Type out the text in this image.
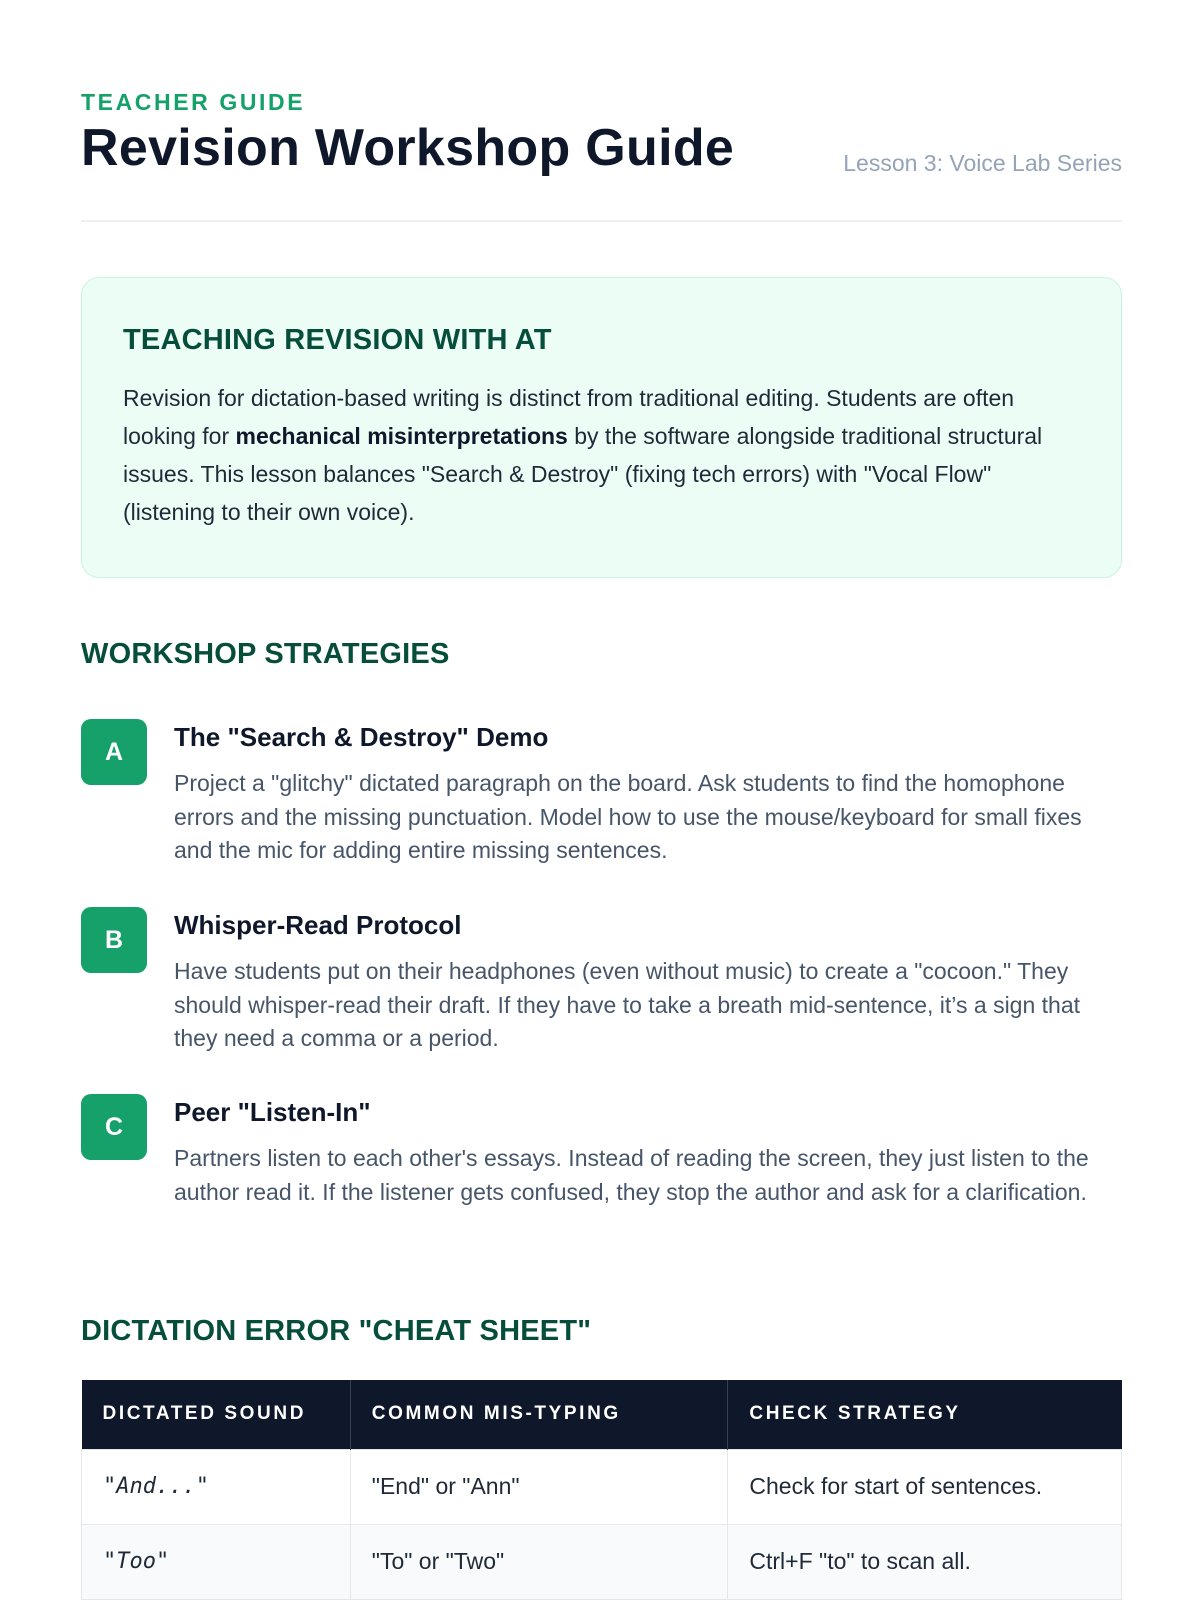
TEACHER GUIDE
Revision Workshop Guide	Lesson 3: Voice Lab Series
TEACHING REVISION WITH AT

Revision for dictation-based writing is distinct from traditional editing. Students are often looking for mechanical misinterpretations by the software alongside traditional structural issues. This lesson balances "Search & Destroy" (fixing tech errors) with "Vocal Flow" (listening to their own voice).

WORKSHOP STRATEGIES
A	The "Search & Destroy" Demo
Project a "glitchy" dictated paragraph on the board. Ask students to find the homophone errors and the missing punctuation. Model how to use the mouse/keyboard for small fixes and the mic for adding entire missing sentences.
B	Whisper-Read Protocol
Have students put on their headphones (even without music) to create a "cocoon." They should whisper-read their draft. If they have to take a breath mid-sentence, it’s a sign that they need a comma or a period.
C	Peer "Listen-In"
Partners listen to each other's essays. Instead of reading the screen, they just listen to the author read it. If the listener gets confused, they stop the author and ask for a clarification.
DICTATION ERROR "CHEAT SHEET"
DICTATED SOUND	COMMON MIS-TYPING	CHECK STRATEGY
"And..."	"End" or "Ann"	Check for start of sentences.
"Too"	"To" or "Two"	Ctrl+F "to" to scan all.
